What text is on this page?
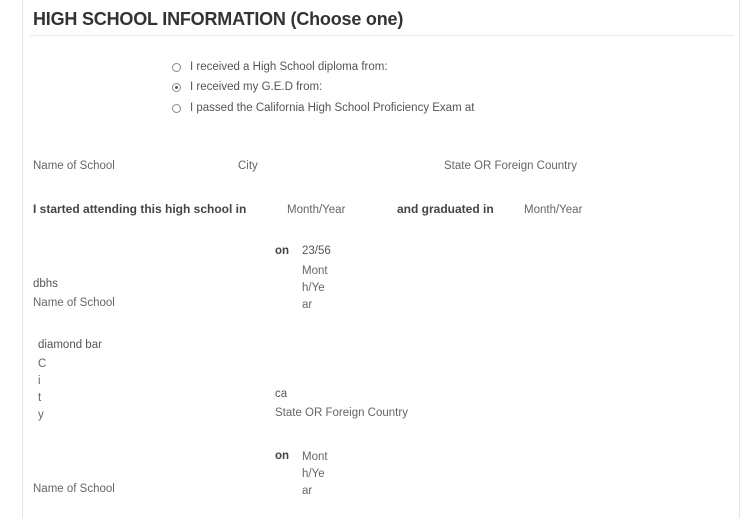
HIGH SCHOOL INFORMATION (Choose one)
I received a High School diploma from:
I received my G.E.D from:
I passed the California High School Proficiency Exam at
Name of School	City	State OR Foreign Country
I started attending this high school in	Month/Year	and graduated in	Month/Year
on 23/56
Mont
h/Ye
ar
dbhs
Name of School
diamond bar
C
i
t
y
ca
State OR Foreign Country
on Mont
h/Ye
ar
Name of School
